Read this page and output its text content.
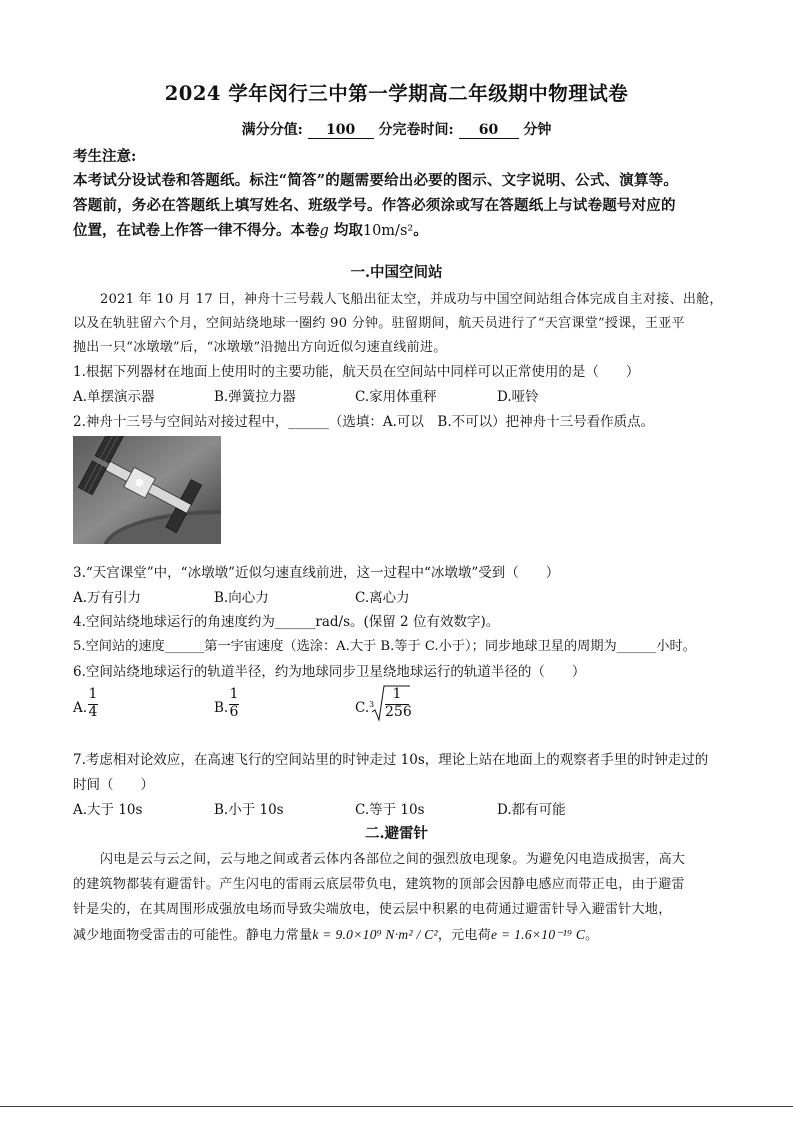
2024 学年闵行三中第一学期高二年级期中物理试卷
满分分值: 100 分完卷时间: 60 分钟
考生注意:
本考试分设试卷和答题纸。标注“简答”的题需要给出必要的图示、文字说明、公式、演算等。
答题前，务必在答题纸上填写姓名、班级学号。作答必须涂或写在答题纸上与试卷题号对应的
位置，在试卷上作答一律不得分。本卷g 均取10m/s²。
一.中国空间站
2021 年 10 月 17 日，神舟十三号载人飞船出征太空，并成功与中国空间站组合体完成自主对接、出舱，
以及在轨驻留六个月，空间站绕地球一圈约 90 分钟。驻留期间，航天员进行了“天宫课堂”授课，王亚平
抛出一只“冰墩墩”后，“冰墩墩”沿抛出方向近似匀速直线前进。
1.根据下列器材在地面上使用时的主要功能，航天员在空间站中同样可以正常使用的是（　　）
A.单摆演示器	B.弹簧拉力器	C.家用体重秤	D.哑铃
2.神舟十三号与空间站对接过程中，______（选填：A.可以　B.不可以）把神舟十三号看作质点。
3.“天宫课堂”中，“冰墩墩”近似匀速直线前进，这一过程中“冰墩墩”受到（　　）
A.万有引力	B.向心力	C.离心力
4.空间站绕地球运行的角速度约为______rad/s。(保留 2 位有效数字)。
5.空间站的速度______第一宇宙速度（选涂：A.大于 B.等于 C.小于）；同步地球卫星的周期为______小时。
6.空间站绕地球运行的轨道半径，约为地球同步卫星绕地球运行的轨道半径的（　　）
A. $\frac{1}{4}$	B. $\frac{1}{6}$	C. $3 \frac{1}{256}$
7.考虑相对论效应，在高速飞行的空间站里的时钟走过 10s，理论上站在地面上的观察者手里的时钟走过的
时间（　　）
A.大于 10s	B.小于 10s	C.等于 10s	D.都有可能
二.避雷针
闪电是云与云之间，云与地之间或者云体内各部位之间的强烈放电现象。为避免闪电造成损害，高大
的建筑物都装有避雷针。产生闪电的雷雨云底层带负电，建筑物的顶部会因静电感应而带正电，由于避雷
针是尖的，在其周围形成强放电场而导致尖端放电，使云层中积累的电荷通过避雷针导入避雷针大地，
减少地面物受雷击的可能性。静电力常量k = 9.0×10⁹ N·m² / C²，元电荷e = 1.6×10⁻¹⁹ C。
